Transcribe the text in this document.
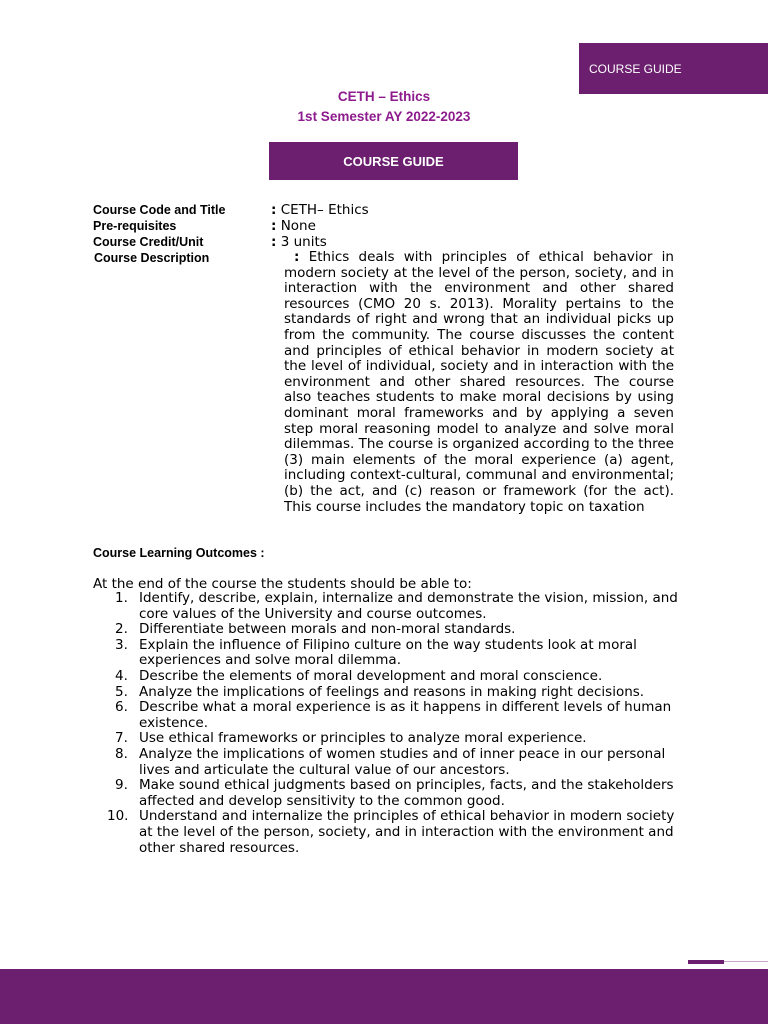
COURSE GUIDE
CETH – Ethics
1st Semester AY 2022-2023
COURSE GUIDE
Course Code and Title	: CETH– Ethics
Pre-requisites	: None
Course Credit/Unit	: 3 units
Course Description	: Ethics deals with principles of ethical behavior in modern society at the level of the person, society, and in interaction with the environment and other shared resources (CMO 20 s. 2013). Morality pertains to the standards of right and wrong that an individual picks up from the community. The course discusses the content and principles of ethical behavior in modern society at the level of individual, society and in interaction with the environment and other shared resources. The course also teaches students to make moral decisions by using dominant moral frameworks and by applying a seven step moral reasoning model to analyze and solve moral dilemmas. The course is organized according to the three (3) main elements of the moral experience (a) agent, including context-cultural, communal and environmental; (b) the act, and (c) reason or framework (for the act). This course includes the mandatory topic on taxation

Course Learning Outcomes :
At the end of the course the students should be able to:
1. Identify, describe, explain, internalize and demonstrate the vision, mission, and core values of the University and course outcomes.
2. Differentiate between morals and non-moral standards.
3. Explain the influence of Filipino culture on the way students look at moral experiences and solve moral dilemma.
4. Describe the elements of moral development and moral conscience.
5. Analyze the implications of feelings and reasons in making right decisions.
6. Describe what a moral experience is as it happens in different levels of human existence.
7. Use ethical frameworks or principles to analyze moral experience.
8. Analyze the implications of women studies and of inner peace in our personal lives and articulate the cultural value of our ancestors.
9. Make sound ethical judgments based on principles, facts, and the stakeholders affected and develop sensitivity to the common good.
10. Understand and internalize the principles of ethical behavior in modern society at the level of the person, society, and in interaction with the environment and other shared resources.
